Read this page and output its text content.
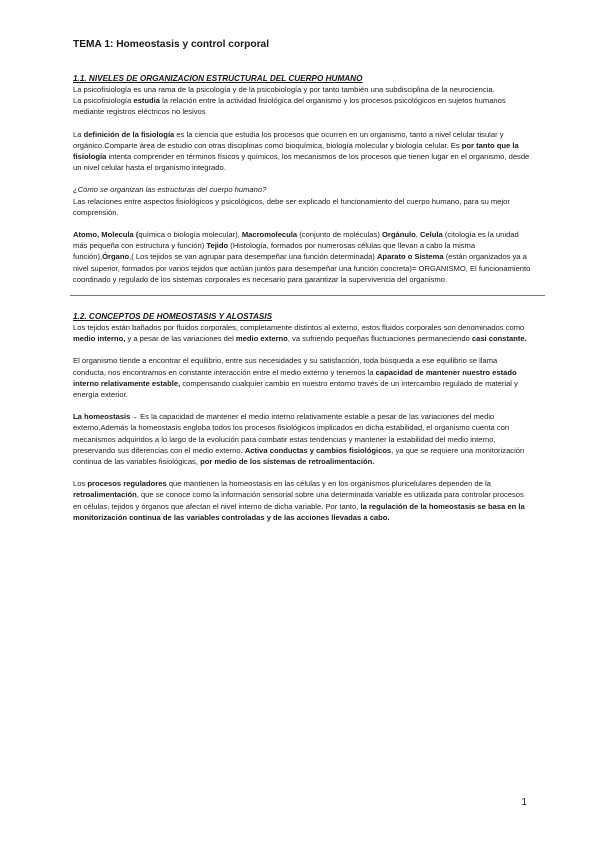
TEMA 1: Homeostasis y control corporal
1.1. NIVELES DE ORGANIZACION ESTRUCTURAL DEL CUERPO HUMANO

La psicofisiología es una rama de la psicología y de la psicobiología y por tanto también una subdisciplina de la neurociencia.

La psicofisiología estudia la relación entre la actividad fisiológica del organismo y los procesos psicológicos en sujetos humanos mediante registros eléctricos no lesivos

La definición de la fisiología es la ciencia que estudia los procesos que ocurren en un organismo, tanto a nivel celular tisular y orgánico.Comparte área de estudio con otras disciplinas como bioquímica, biología molecular y biología celular. Es por tanto que la fisiología intenta comprender en términos físicos y químicos, los mecanismos de los procesos que tienen lugar en el organismo, desde un nivel celular hasta el organismo integrado.

¿Cómo se organizan las estructuras del cuerpo humano?

Las relaciones entre aspectos fisiológicos y psicológicos, debe ser explicado el funcionamiento del cuerpo humano, para su mejor comprensión.

Atomo, Molecula (química o biología molecular), Macromolecula (conjunto de moléculas) Orgánulo, Celula (citología es la unidad más pequeña con estructura y función) Tejido (Histología, formados por numerosas células que llevan a cabo la misma función),Órgano,( Los tejidos se van agrupar para desempeñar una función determinada) Aparato o Sistema (están organizados ya a nivel superior, formados por varios tejidos que actúan juntos para desempeñar una función concreta)= ORGANISMO, El funcionamiento coordinado y regulado de los sistemas corporales es necesario para garantizar la supervivencia del organismo.

1.2. CONCEPTOS DE HOMEOSTASIS Y ALOSTASIS

Los tejidos están bañados por fluidos corporales, completamente distintos al externo, estos fluidos corporales son denominados como medio interno, y a pesar de las variaciones del medio externo, va sufriendo pequeñas fluctuaciones permaneciendo casi constante.

El organismo tiende a encontrar el equilibrio, entre sus necesidades y su satisfacción, toda búsqueda a ese equilibrio se llama conducta, nos encontramos en constante interacción entre el medio externo y tenemos la capacidad de mantener nuestro estado interno relativamente estable, compensando cualquier cambio en nuestro entorno través de un intercambio regulado de material y energía exterior.

La homeostasis→ Es la capacidad de mantener el medio interno relativamente estable a pesar de las variaciones del medio externo.Además la homeostasis engloba todos los procesos fisiológicos implicados en dicha estabilidad, el organismo cuenta con mecanismos adquiridos a lo largo de la evolución para combatir estas tendencias y mantener la estabilidad del medio interno, preservando sus diferencias con el medio externo. Activa conductas y cambios fisiológicos, ya que se requiere una monitorización continua de las variables fisiológicas, por medio de los sistemas de retroalimentación.

Los procesos reguladores que mantienen la homeostasis en las células y en los organismos pluricelulares dependen de la retroalimentación, que se conoce como la información sensorial sobre una determinada variable es utilizada para controlar procesos en células, tejidos y órganos que afectan el nivel interno de dicha variable. Por tanto, la regulación de la homeostasis se basa en la monitorización continua de las variables controladas y de las acciones llevadas a cabo.

1
